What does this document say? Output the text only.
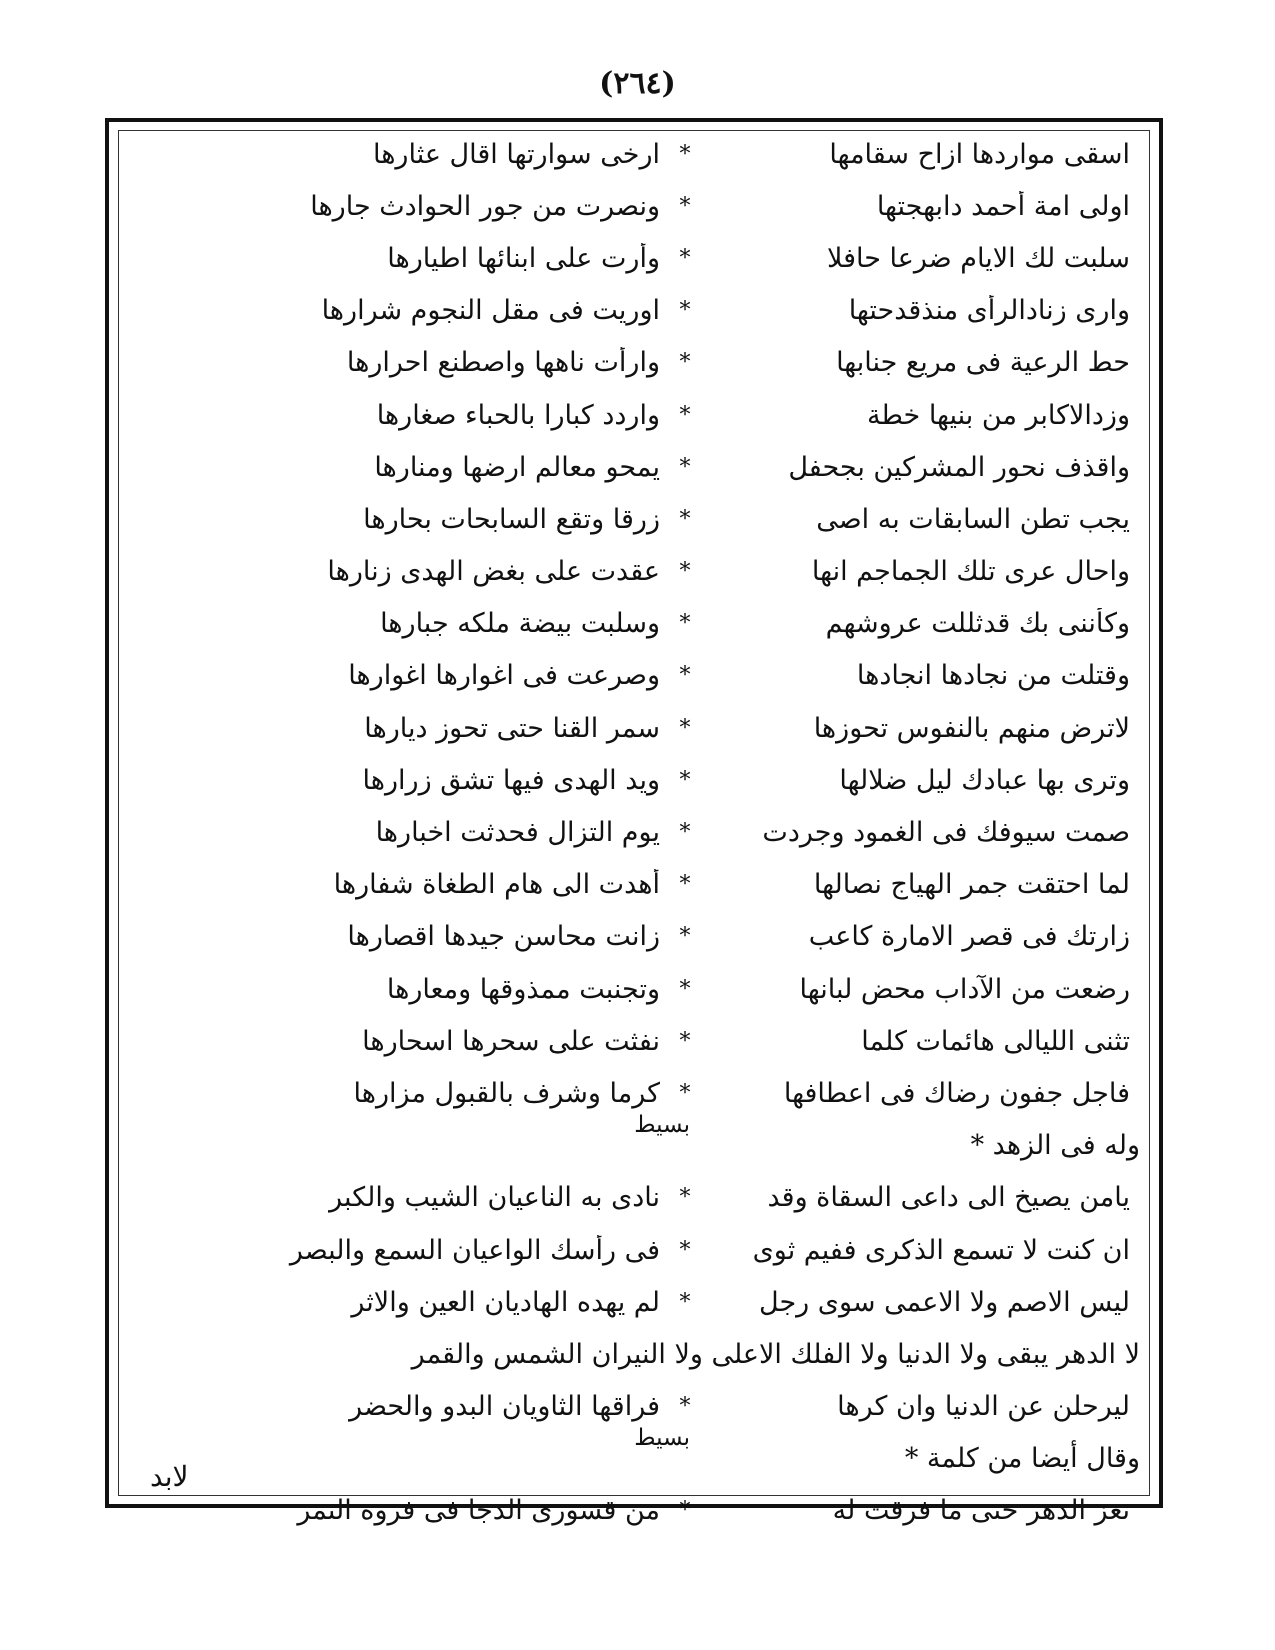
(٢٦٤)
اسقى مواردها ازاح سقامها
*
ارخى سوارتها اقال عثارها
اولى امة أحمد دابهجتها
*
ونصرت من جور الحوادث جارها
سلبت لك الايام ضرعا حافلا
*
وأرت على ابنائها اطيارها
وارى زنادالرأى منذقدحتها
*
اوريت فى مقل النجوم شرارها
حط الرعية فى مريع جنابها
*
وارأت ناهها واصطنع احرارها
وزدالاكابر من بنيها خطة
*
واردد كبارا بالحباء صغارها
واقذف نحور المشركين بجحفل
*
يمحو معالم ارضها ومنارها
يجب تطن السابقات به اصى
*
زرقا وتقع السابحات بحارها
واحال عرى تلك الجماجم انها
*
عقدت على بغض الهدى زنارها
وكأننى بك قدثللت عروشهم
*
وسلبت بيضة ملكه جبارها
وقتلت من نجادها انجادها
*
وصرعت فى اغوارها اغوارها
لاترض منهم بالنفوس تحوزها
*
سمر القنا حتى تحوز ديارها
وترى بها عبادك ليل ضلالها
*
ويد الهدى فيها تشق زرارها
صمت سيوفك فى الغمود وجردت
*
يوم التزال فحدثت اخبارها
لما احتقت جمر الهياج نصالها
*
أهدت الى هام الطغاة شفارها
زارتك فى قصر الامارة كاعب
*
زانت محاسن جيدها اقصارها
رضعت من الآداب محض لبانها
*
وتجنبت ممذوقها ومعارها
تثنى الليالى هائمات كلما
*
نفثت على سحرها اسحارها
فاجل جفون رضاك فى اعطافها
*
كرما وشرف بالقبول مزارها
وله فى الزهد *
بسيط
يامن يصيخ الى داعى السقاة وقد
*
نادى به الناعيان الشيب والكبر
ان كنت لا تسمع الذكرى ففيم ثوى
*
فى رأسك الواعيان السمع والبصر
ليس الاصم ولا الاعمى سوى رجل
*
لم يهده الهاديان العين والاثر
لا الدهر يبقى ولا الدنيا ولا الفلك الاعلى ولا النيران الشمس والقمر
ليرحلن عن الدنيا وان كرها
*
فراقها الثاويان البدو والحضر
وقال أيضا من كلمة *
بسيط
تعز الدهر حتى ما فرقت له
*
من قسورى الدجا فى فروة النمر
لابد
